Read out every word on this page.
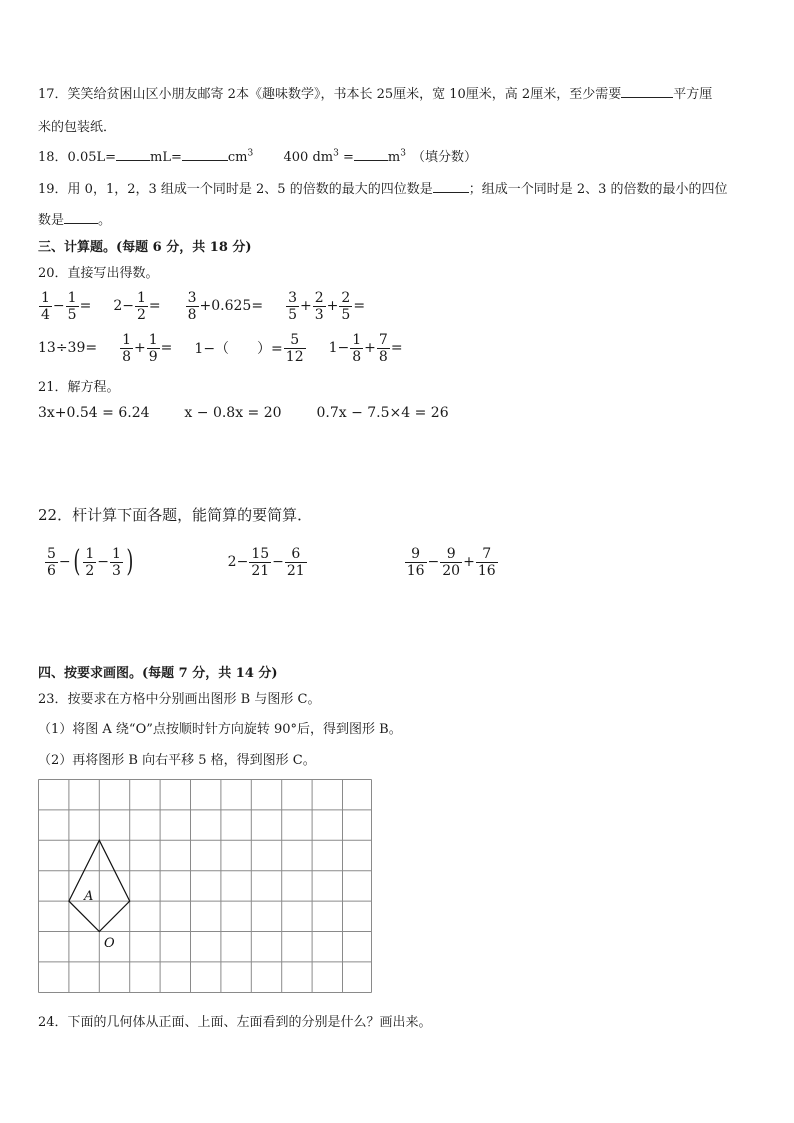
17．笑笑给贫困山区小朋友邮寄 2本《趣味数学》，书本长 25厘米，宽 10厘米，高 2厘米，至少需要	平方厘
米的包装纸．
18．0.05L=	mL=	$cm^3$ 400 $dm^3$ =	$m^3$ （填分数）
19．用 0，1，2，3 组成一个同时是 2、5 的倍数的最大的四位数是	；组成一个同时是 2、3 的倍数的最小的四位
数是	。
三、计算题。(每题 6 分，共 18 分)
20．直接写出得数。
$\frac{1}{4} - \frac{1}{5} = 2- \frac{1}{2} = \frac{3}{8} +0.625= \frac{3}{5} + \frac{2}{3} + \frac{2}{5}$ =
$13\div 39= \frac{1}{8} + \frac{1}{9} = 1-$（　　）= $\frac{5}{12} 1- \frac{1}{8} + \frac{7}{8}$ =
21．解方程。
3x+0.54 = 6.24 x − 0.8x = 20 0.7x − 7.5×4 = 26
22．杆计算下面各题，能简算的要简算．
$\frac{5}{6}$ − ( $\frac{1}{2} - \frac{1}{3}$ )	$2- \frac{15}{21} - \frac{6}{21}$	$\frac{9}{16} - \frac{9}{20} + \frac{7}{16}$
四、按要求画图。(每题 7 分，共 14 分)
23．按要求在方格中分别画出图形 B 与图形 C。
（1）将图 A 绕“O”点按顺时针方向旋转 90°后，得到图形 B。
（2）再将图形 B 向右平移 5 格，得到图形 C。
A
O
24．下面的几何体从正面、上面、左面看到的分别是什么？画出来。
